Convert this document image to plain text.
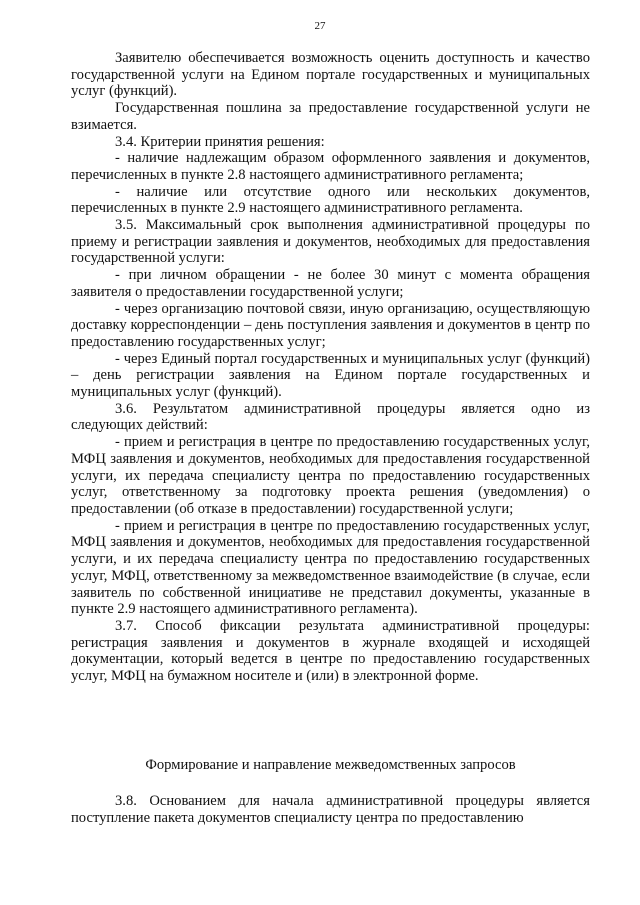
27

Заявителю обеспечивается возможность оценить доступность и качество государственной услуги на Едином портале государственных и муниципальных услуг (функций).

Государственная пошлина за предоставление государственной услуги не взимается.

3.4. Критерии принятия решения:

- наличие надлежащим образом оформленного заявления и документов, перечисленных в пункте 2.8 настоящего административного регламента;

- наличие или отсутствие одного или нескольких документов, перечисленных в пункте 2.9 настоящего административного регламента.

3.5. Максимальный срок выполнения административной процедуры по приему и регистрации заявления и документов, необходимых для предоставления государственной услуги:

- при личном обращении - не более 30 минут с момента обращения заявителя о предоставлении государственной услуги;

- через организацию почтовой связи, иную организацию, осуществляющую доставку корреспонденции – день поступления заявления и документов в центр по предоставлению государственных услуг;

- через Единый портал государственных и муниципальных услуг (функций) – день регистрации заявления на Едином портале государственных и муниципальных услуг (функций).

3.6. Результатом административной процедуры является одно из следующих действий:

- прием и регистрация в центре по предоставлению государственных услуг, МФЦ заявления и документов, необходимых для предоставления государственной услуги, их передача специалисту центра по предоставлению государственных услуг, ответственному за подготовку проекта решения (уведомления) о предоставлении (об отказе в предоставлении) государственной услуги;

- прием и регистрация в центре по предоставлению государственных услуг, МФЦ заявления и документов, необходимых для предоставления государственной услуги, и их передача специалисту центра по предоставлению государственных услуг, МФЦ, ответственному за межведомственное взаимодействие (в случае, если заявитель по собственной инициативе не представил документы, указанные в пункте 2.9 настоящего административного регламента).

3.7. Способ фиксации результата административной процедуры: регистрация заявления и документов в журнале входящей и исходящей документации, который ведется в центре по предоставлению государственных услуг, МФЦ на бумажном носителе и (или) в электронной форме.

Формирование и направление межведомственных запросов

3.8. Основанием для начала административной процедуры является поступление пакета документов специалисту центра по предоставлению
